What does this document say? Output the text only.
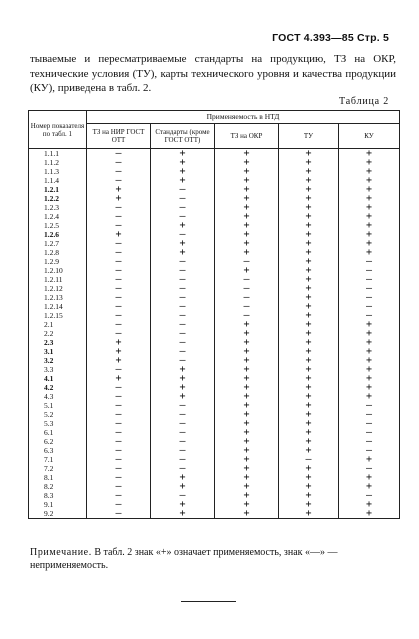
ГОСТ 4.393—85 Стр. 5
тываемые и пересматриваемые стандарты на продукцию, ТЗ на ОКР, технические условия (ТУ), карты технического уровня и качества продукции (КУ), приведена в табл. 2.
Таблица 2
Номер показателя по табл. 1	Применяемость в НТД				
	ТЗ на НИР ГОСТ ОТТ	Стандарты (кроме ГОСТ ОТТ)	ТЗ на ОКР	ТУ	КУ
1.1.1	—	+	+	+	+
1.1.2	—	+	+	+	+
1.1.3	—	+	+	+	+
1.1.4	—	+	+	+	+
1.2.1	+	—	+	+	+
1.2.2	+	—	+	+	+
1.2.3	—	—	+	+	+
1.2.4	—	—	+	+	+
1.2.5	—	+	+	+	+
1.2.6	+	—	+	+	+
1.2.7	—	+	+	+	+
1.2.8	—	+	+	+	+
1.2.9	—	—	—	+	—
1.2.10	—	—	+	+	—
1.2.11	—	—	—	+	—
1.2.12	—	—	—	+	—
1.2.13	—	—	—	+	—
1.2.14	—	—	—	+	—
1.2.15	—	—	—	+	—
2.1	—	—	+	+	+
2.2	—	—	+	+	+
2.3	+	—	+	+	+
3.1	+	—	+	+	+
3.2	+	—	+	+	+
3.3	—	+	+	+	+
4.1	+	+	+	+	+
4.2	—	+	+	+	+
4.3	—	+	+	+	+
5.1	—	—	+	+	—
5.2	—	—	+	+	—
5.3	—	—	+	+	—
6.1	—	—	+	+	—
6.2	—	—	+	+	—
6.3	—	—	+	+	—
7.1	—	—	+	—	+
7.2	—	—	+	+	—
8.1	—	+	+	+	+
8.2	—	+	+	+	+
8.3	—	—	+	+	—
9.1	—	+	+	+	+
9.2	—	+	+	+	+
Примечание. В табл. 2 знак «+» означает применяемость, знак «—» — неприменяемость.
